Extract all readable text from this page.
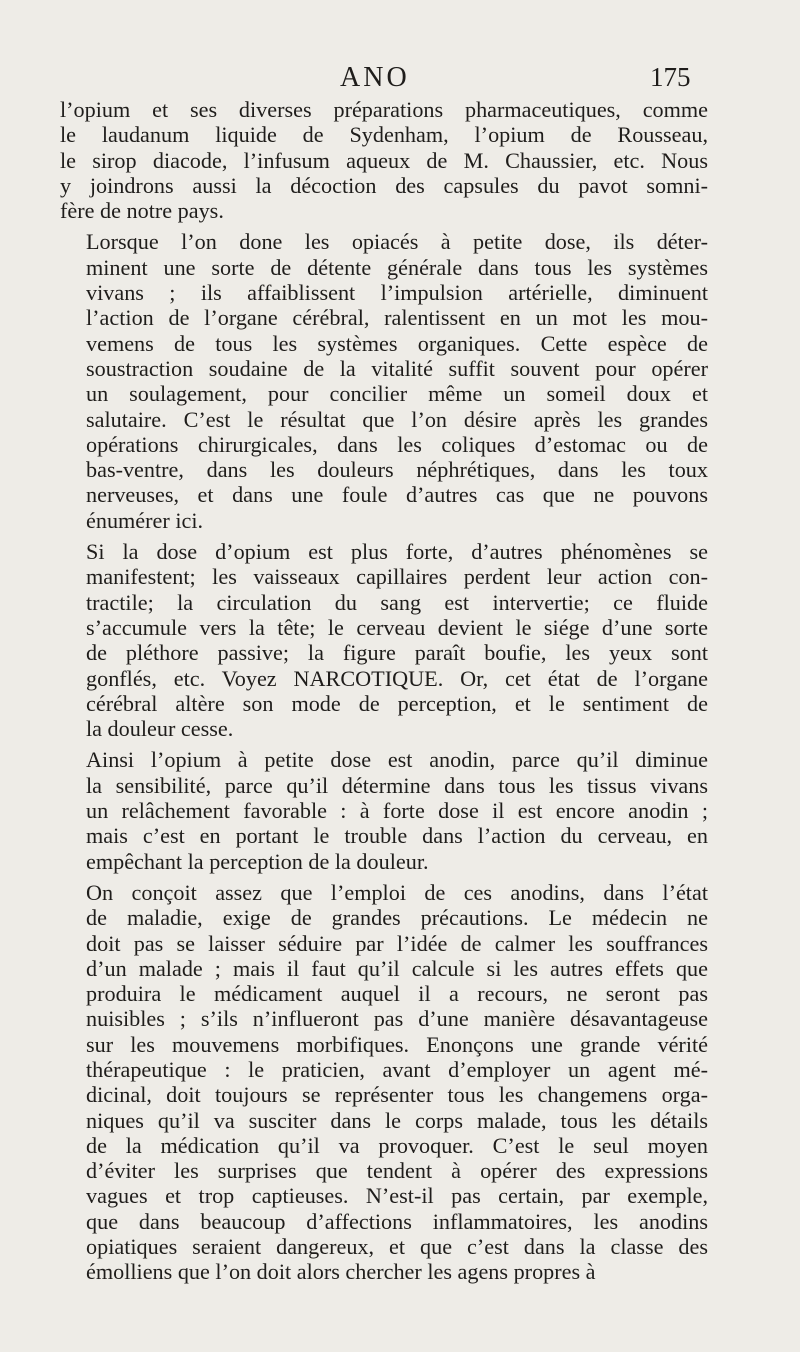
ANO	175

l’opium et ses diverses préparations pharmaceutiques, comme
le laudanum liquide de Sydenham, l’opium de Rousseau,
le sirop diacode, l’infusum aqueux de M. Chaussier, etc. Nous
y joindrons aussi la décoction des capsules du pavot somni-
fère de notre pays.

Lorsque l’on done les opiacés à petite dose, ils déter-
minent une sorte de détente générale dans tous les systèmes
vivans ; ils affaiblissent l’impulsion artérielle, diminuent
l’action de l’organe cérébral, ralentissent en un mot les mou-
vemens de tous les systèmes organiques. Cette espèce de
soustraction soudaine de la vitalité suffit souvent pour opérer
un soulagement, pour concilier même un someil doux et
salutaire. C’est le résultat que l’on désire après les grandes
opérations chirurgicales, dans les coliques d’estomac ou de
bas-ventre, dans les douleurs néphrétiques, dans les toux
nerveuses, et dans une foule d’autres cas que ne pouvons
énumérer ici.

Si la dose d’opium est plus forte, d’autres phénomènes se
manifestent; les vaisseaux capillaires perdent leur action con-
tractile; la circulation du sang est intervertie; ce fluide
s’accumule vers la tête; le cerveau devient le siége d’une sorte
de pléthore passive; la figure paraît boufie, les yeux sont
gonflés, etc. Voyez NARCOTIQUE. Or, cet état de l’organe
cérébral altère son mode de perception, et le sentiment de
la douleur cesse.

Ainsi l’opium à petite dose est anodin, parce qu’il diminue
la sensibilité, parce qu’il détermine dans tous les tissus vivans
un relâchement favorable : à forte dose il est encore anodin ;
mais c’est en portant le trouble dans l’action du cerveau, en
empêchant la perception de la douleur.

On conçoit assez que l’emploi de ces anodins, dans l’état
de maladie, exige de grandes précautions. Le médecin ne
doit pas se laisser séduire par l’idée de calmer les souffrances
d’un malade ; mais il faut qu’il calcule si les autres effets que
produira le médicament auquel il a recours, ne seront pas
nuisibles ; s’ils n’influeront pas d’une manière désavantageuse
sur les mouvemens morbifiques. Enonçons une grande vérité
thérapeutique : le praticien, avant d’employer un agent mé-
dicinal, doit toujours se représenter tous les changemens orga-
niques qu’il va susciter dans le corps malade, tous les détails
de la médication qu’il va provoquer. C’est le seul moyen
d’éviter les surprises que tendent à opérer des expressions
vagues et trop captieuses. N’est-il pas certain, par exemple,
que dans beaucoup d’affections inflammatoires, les anodins
opiatiques seraient dangereux, et que c’est dans la classe des
émolliens que l’on doit alors chercher les agens propres à
